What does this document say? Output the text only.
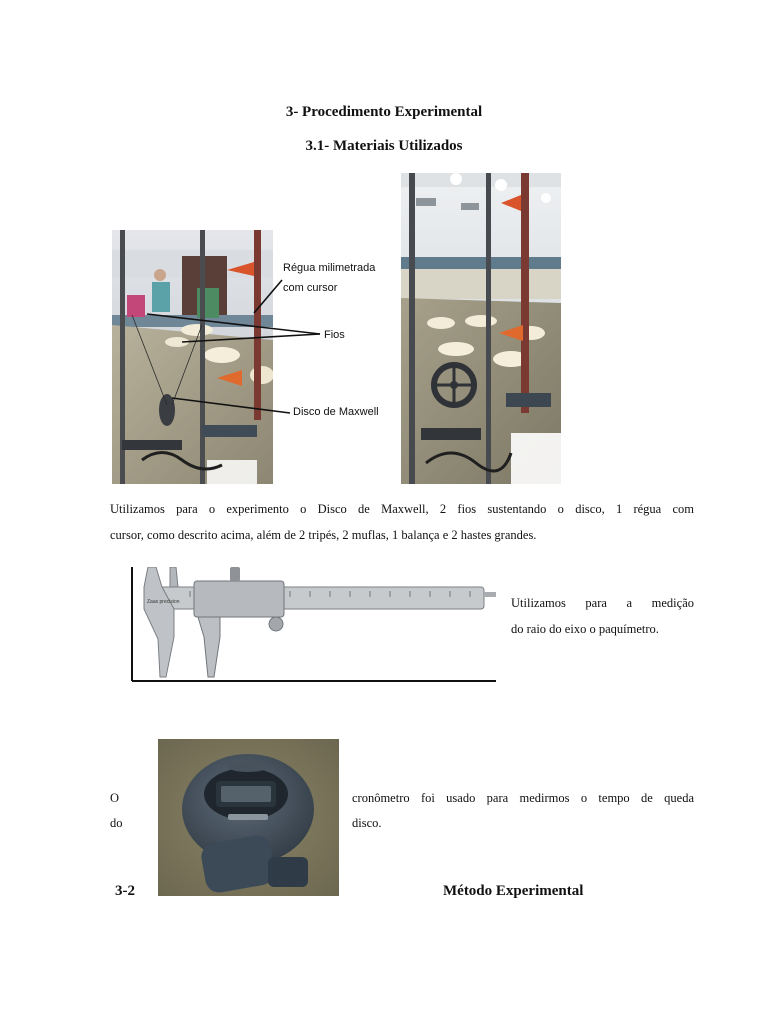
3- Procedimento Experimental
3.1- Materiais Utilizados
Régua milimetrada
com cursor
Fios
Disco de Maxwell
Utilizamos para o experimento o Disco de Maxwell, 2 fios sustentando o disco, 1 régua com
cursor, como descrito acima, além de 2 tripés, 2 muflas, 1 balança e 2 hastes grandes.
Zaas precision	Utilizamos para a medição
do raio do eixo o paquímetro.
O
do
cronômetro foi usado para medirmos o tempo de queda
disco.
3-2	Método Experimental
